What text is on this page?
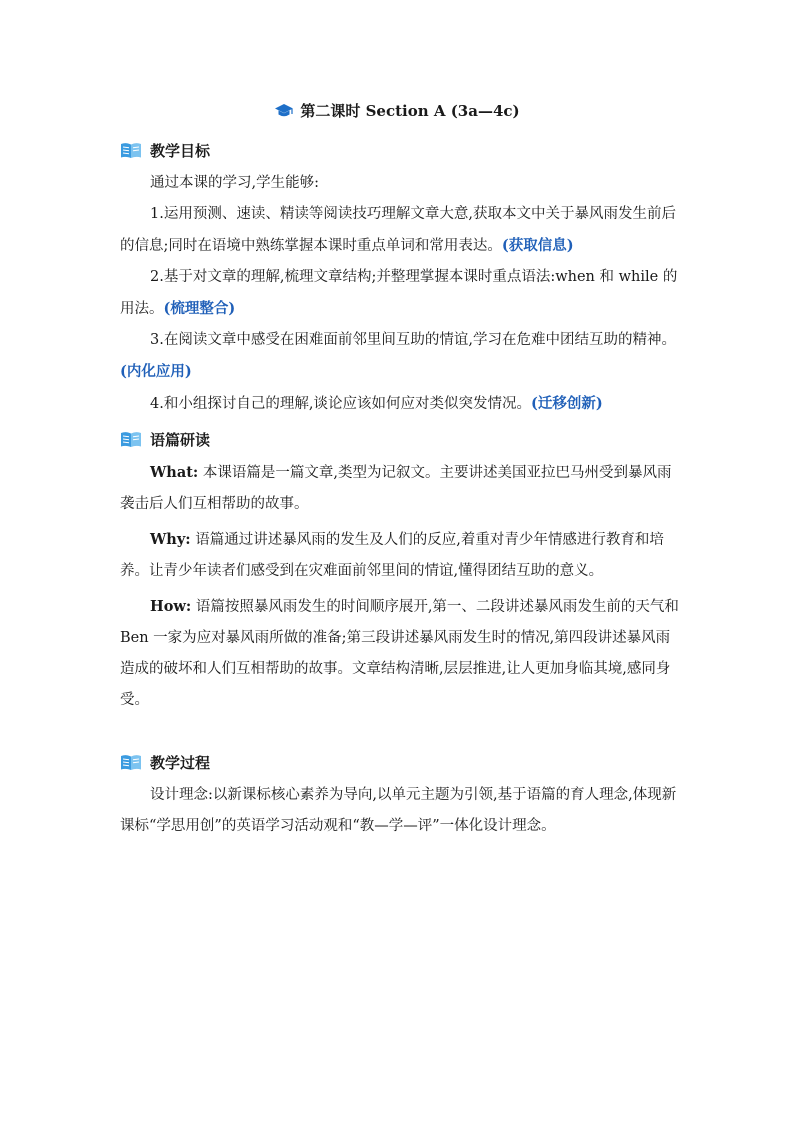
第二课时 Section A (3a—4c)
教学目标

通过本课的学习,学生能够:

1.运用预测、速读、精读等阅读技巧理解文章大意,获取本文中关于暴风雨发生前后的信息;同时在语境中熟练掌握本课时重点单词和常用表达。(获取信息)

2.基于对文章的理解,梳理文章结构;并整理掌握本课时重点语法:when 和 while 的用法。(梳理整合)

3.在阅读文章中感受在困难面前邻里间互助的情谊,学习在危难中团结互助的精神。(内化应用)

4.和小组探讨自己的理解,谈论应该如何应对类似突发情况。(迁移创新)

语篇研读

What: 本课语篇是一篇文章,类型为记叙文。主要讲述美国亚拉巴马州受到暴风雨袭击后人们互相帮助的故事。

Why: 语篇通过讲述暴风雨的发生及人们的反应,着重对青少年情感进行教育和培养。让青少年读者们感受到在灾难面前邻里间的情谊,懂得团结互助的意义。

How: 语篇按照暴风雨发生的时间顺序展开,第一、二段讲述暴风雨发生前的天气和 Ben 一家为应对暴风雨所做的准备;第三段讲述暴风雨发生时的情况,第四段讲述暴风雨造成的破坏和人们互相帮助的故事。文章结构清晰,层层推进,让人更加身临其境,感同身受。

教学过程

设计理念:以新课标核心素养为导向,以单元主题为引领,基于语篇的育人理念,体现新课标“学思用创”的英语学习活动观和“教—学—评”一体化设计理念。
